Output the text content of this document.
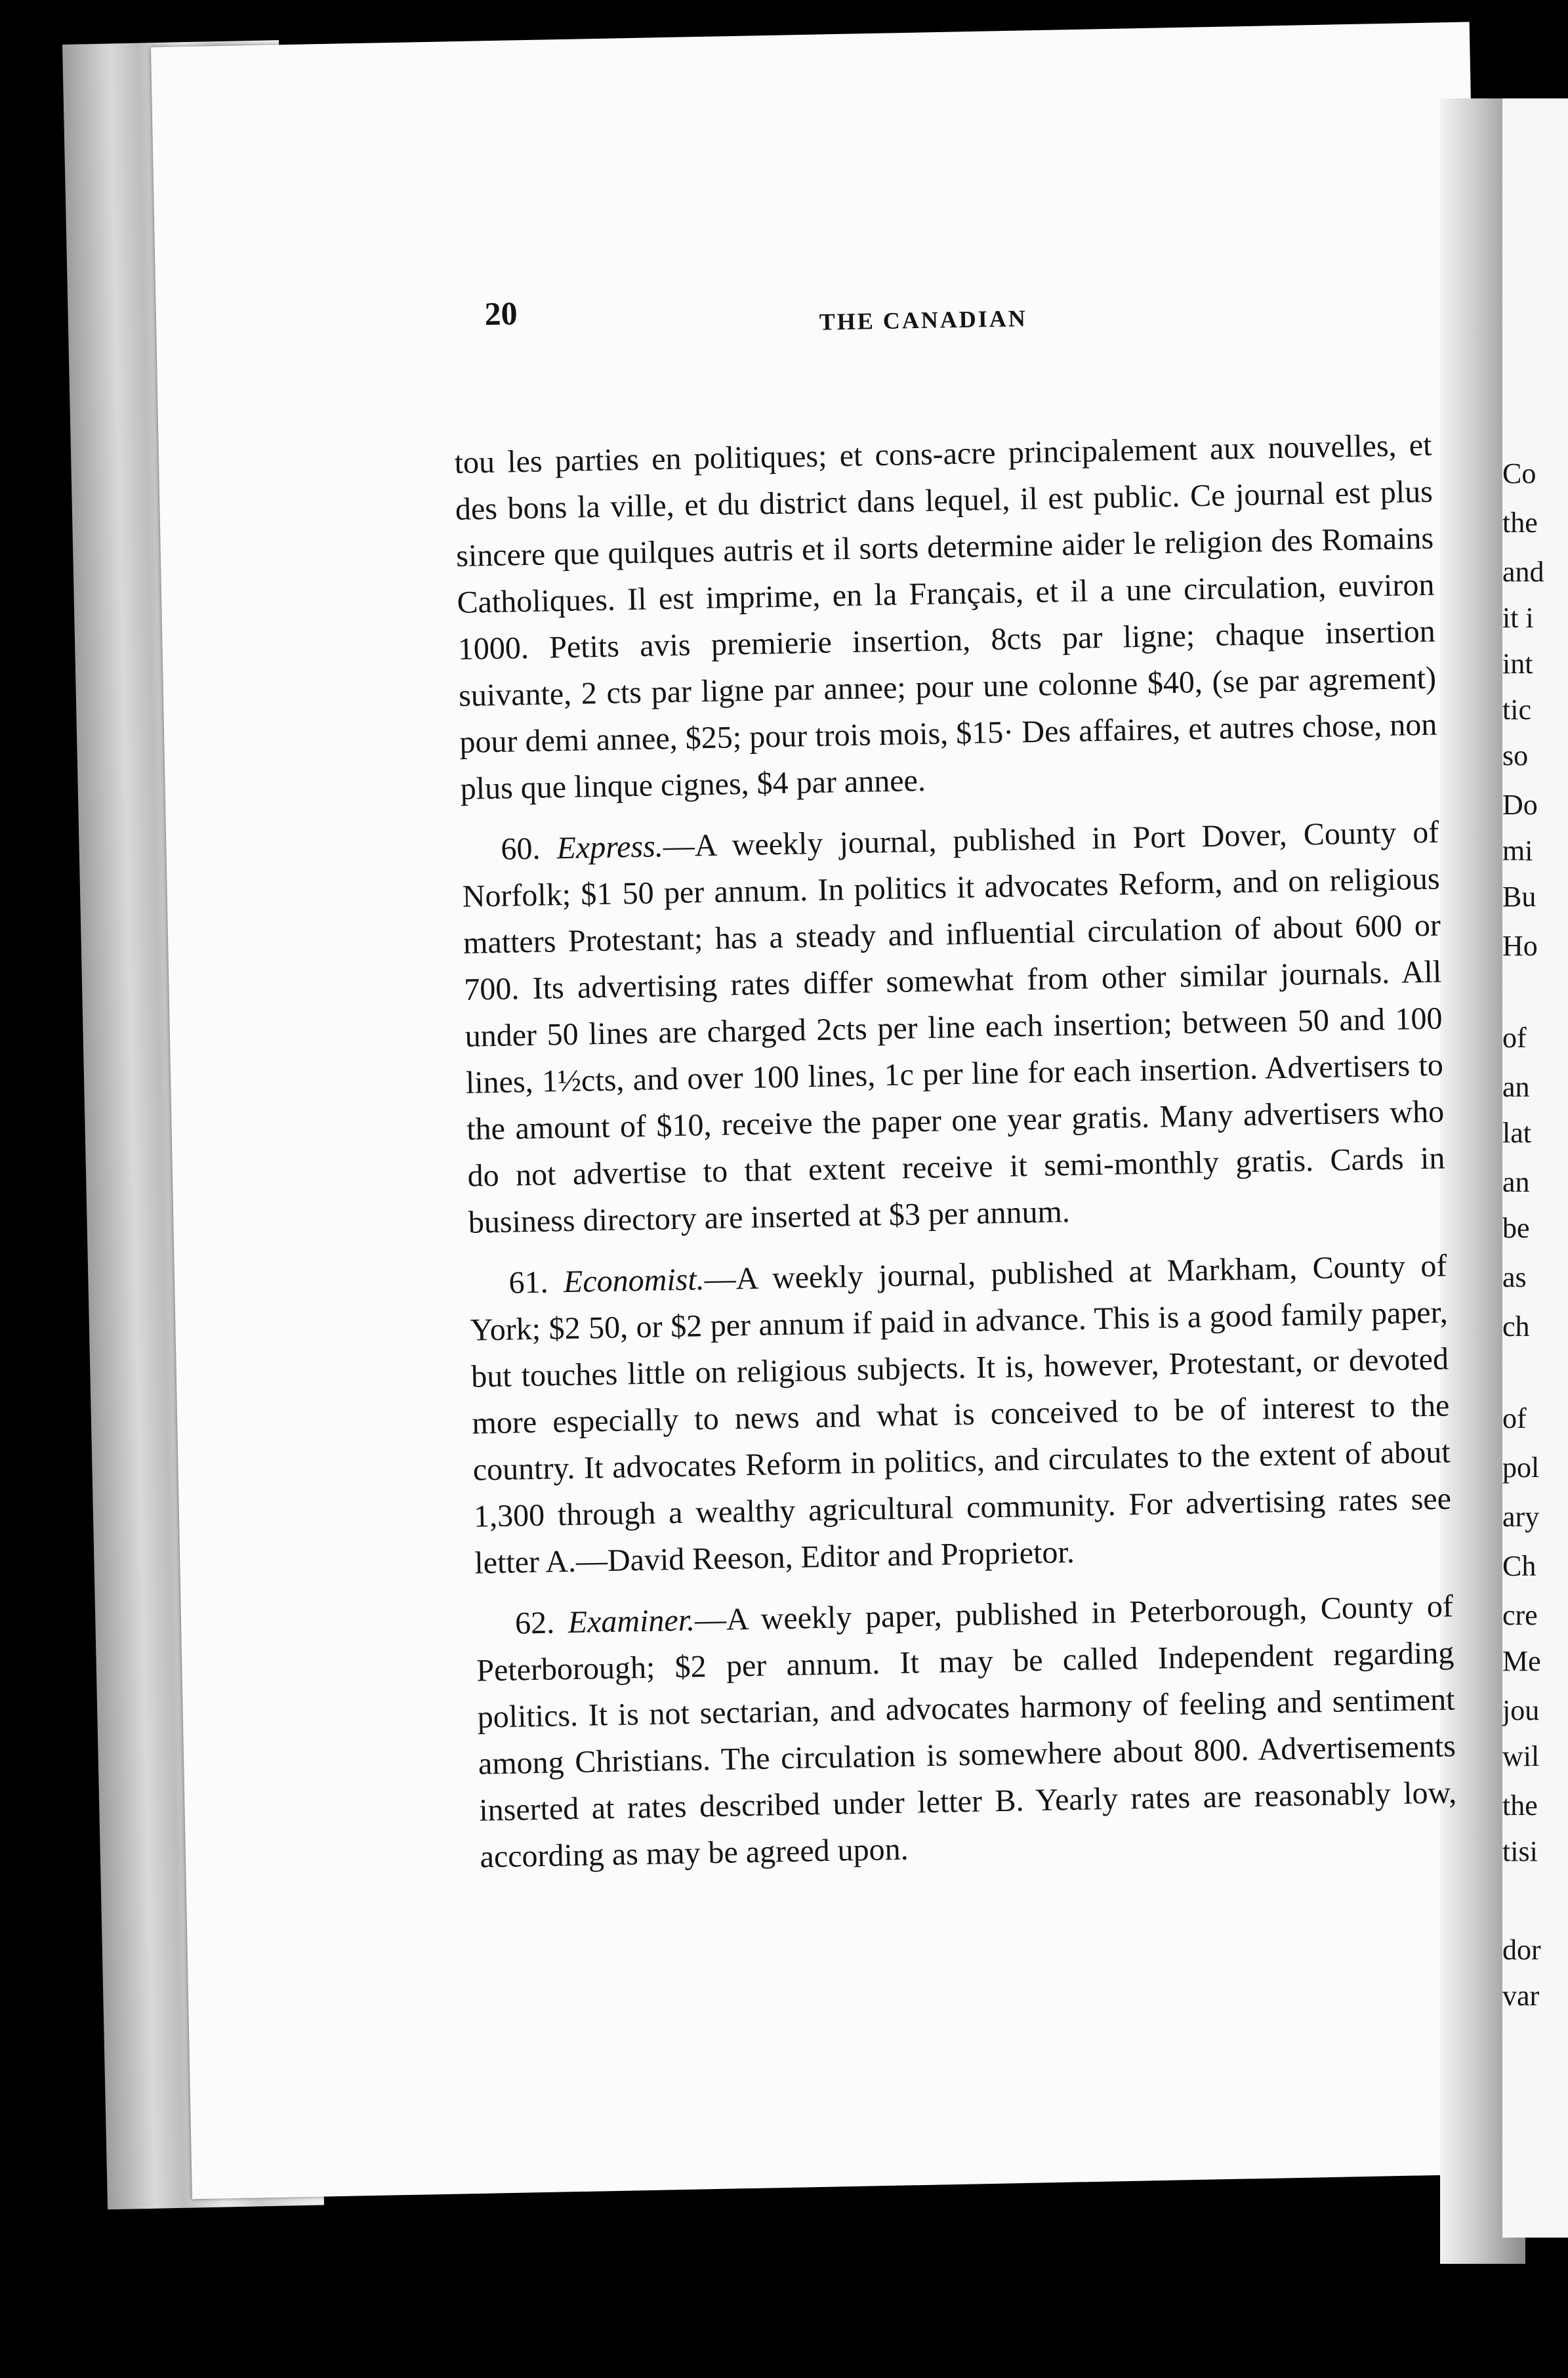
Co
the
and
it i
int
tic
so
Do
mi
Bu
Ho
of
an
lat
an
be
as
ch
of
pol
ary
Ch
cre
Me
jou
wil
the
tisi
dor
var
20	THE CANADIAN

tou les parties en politiques; et cons-acre principalement aux nouvelles, et des bons la ville, et du district dans lequel, il est public. Ce journal est plus sincere que quilques autris et il sorts determine aider le religion des Romains Catholiques. Il est imprime, en la Français, et il a une circulation, euviron 1000. Petits avis premierie insertion, 8cts par ligne; chaque insertion suivante, 2 cts par ligne par annee; pour une colonne $40, (se par agrement) pour demi annee, $25; pour trois mois, $15· Des affaires, et autres chose, non plus que linque cignes, $4 par annee.

60. Express.—A weekly journal, published in Port Dover, County of Norfolk; $1 50 per annum. In politics it advocates Reform, and on religious matters Protestant; has a steady and influential circulation of about 600 or 700. Its advertising rates differ somewhat from other similar journals. All under 50 lines are charged 2cts per line each insertion; between 50 and 100 lines, 1½cts, and over 100 lines, 1c per line for each insertion. Advertisers to the amount of $10, receive the paper one year gratis. Many advertisers who do not advertise to that extent receive it semi-monthly gratis. Cards in business directory are inserted at $3 per annum.

61. Economist.—A weekly journal, published at Markham, County of York; $2 50, or $2 per annum if paid in advance. This is a good family paper, but touches little on religious subjects. It is, however, Protestant, or devoted more especially to news and what is conceived to be of interest to the country. It advocates Reform in politics, and circulates to the extent of about 1,300 through a wealthy agricultural community. For advertising rates see letter A.—David Reeson, Editor and Proprietor.

62. Examiner.—A weekly paper, published in Peterborough, County of Peterborough; $2 per annum. It may be called Independent regarding politics. It is not sectarian, and advocates harmony of feeling and sentiment among Christians. The circulation is somewhere about 800. Advertisements inserted at rates described under letter B. Yearly rates are reasonably low, according as may be agreed upon.
